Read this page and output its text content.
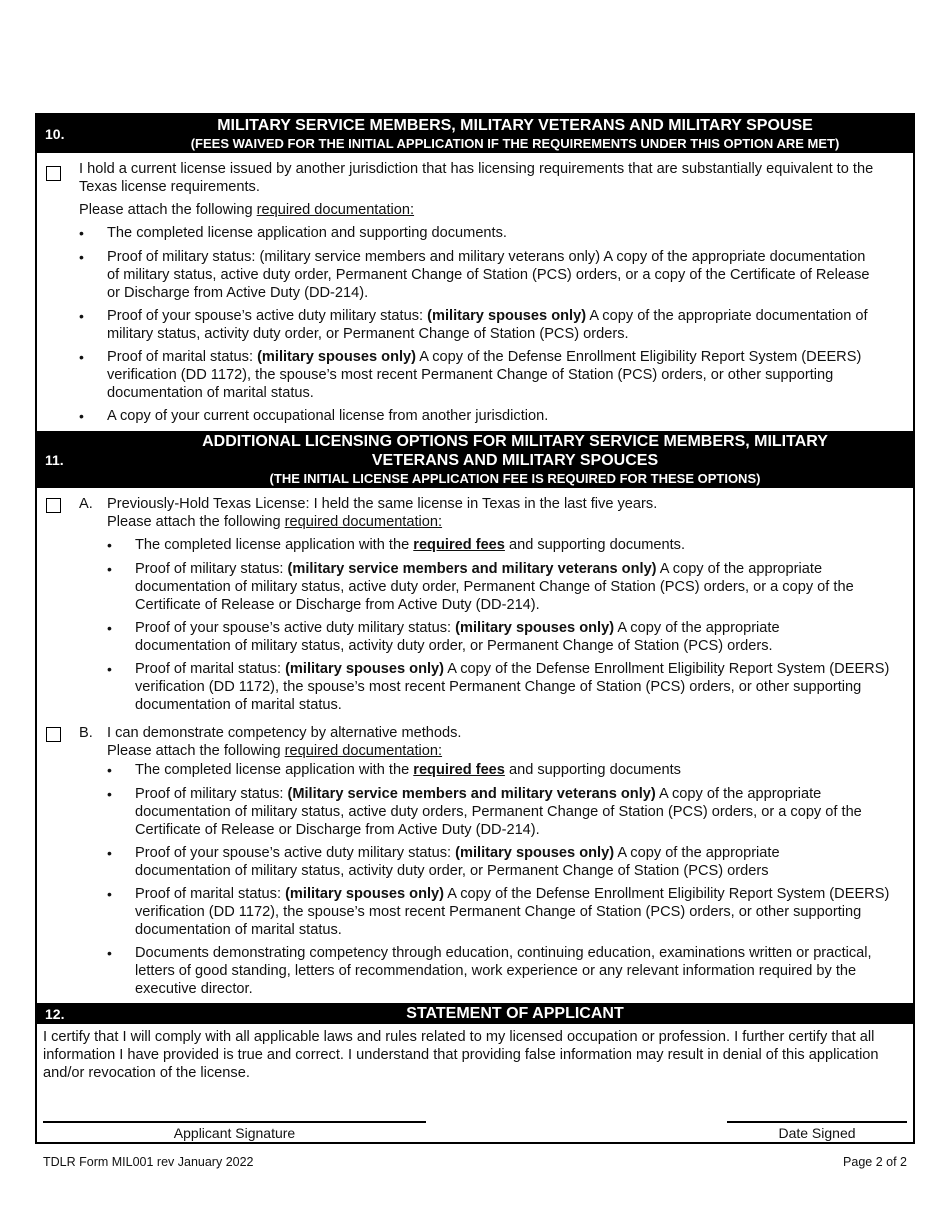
10.	MILITARY SERVICE MEMBERS, MILITARY VETERANS AND MILITARY SPOUSE
(FEES WAIVED FOR THE INITIAL APPLICATION IF THE REQUIREMENTS UNDER THIS OPTION ARE MET)
I hold a current license issued by another jurisdiction that has licensing requirements that are substantially equivalent to the Texas license requirements.
Please attach the following required documentation:
• The completed license application and supporting documents.
• Proof of military status: (military service members and military veterans only) A copy of the appropriate documentation of military status, active duty order, Permanent Change of Station (PCS) orders, or a copy of the Certificate of Release or Discharge from Active Duty (DD-214).
• Proof of your spouse’s active duty military status: (military spouses only) A copy of the appropriate documentation of military status, activity duty order, or Permanent Change of Station (PCS) orders.
• Proof of marital status: (military spouses only) A copy of the Defense Enrollment Eligibility Report System (DEERS) verification (DD 1172), the spouse’s most recent Permanent Change of Station (PCS) orders, or other supporting documentation of marital status.
• A copy of your current occupational license from another jurisdiction.
11.
ADDITIONAL LICENSING OPTIONS FOR MILITARY SERVICE MEMBERS, MILITARY
VETERANS AND MILITARY SPOUCES
(THE INITIAL LICENSE APPLICATION FEE IS REQUIRED FOR THESE OPTIONS)
A. Previously-Hold Texas License: I held the same license in Texas in the last five years.
Please attach the following required documentation:
• The completed license application with the required fees and supporting documents.
• Proof of military status: (military service members and military veterans only) A copy of the appropriate documentation of military status, active duty order, Permanent Change of Station (PCS) orders, or a copy of the Certificate of Release or Discharge from Active Duty (DD-214).
• Proof of your spouse’s active duty military status: (military spouses only) A copy of the appropriate documentation of military status, activity duty order, or Permanent Change of Station (PCS) orders.
• Proof of marital status: (military spouses only) A copy of the Defense Enrollment Eligibility Report System (DEERS) verification (DD 1172), the spouse’s most recent Permanent Change of Station (PCS) orders, or other supporting documentation of marital status.
B. I can demonstrate competency by alternative methods.
Please attach the following required documentation:
• The completed license application with the required fees and supporting documents
• Proof of military status: (Military service members and military veterans only) A copy of the appropriate documentation of military status, active duty orders, Permanent Change of Station (PCS) orders, or a copy of the Certificate of Release or Discharge from Active Duty (DD-214).
• Proof of your spouse’s active duty military status: (military spouses only) A copy of the appropriate documentation of military status, activity duty order, or Permanent Change of Station (PCS) orders
• Proof of marital status: (military spouses only) A copy of the Defense Enrollment Eligibility Report System (DEERS) verification (DD 1172), the spouse’s most recent Permanent Change of Station (PCS) orders, or other supporting documentation of marital status.
• Documents demonstrating competency through education, continuing education, examinations written or practical, letters of good standing, letters of recommendation, work experience or any relevant information required by the executive director.
12.	STATEMENT OF APPLICANT
I certify that I will comply with all applicable laws and rules related to my licensed occupation or profession. I further certify that all information I have provided is true and correct. I understand that providing false information may result in denial of this application and/or revocation of the license.
Applicant Signature	Date Signed
TDLR Form MIL001 rev January 2022	Page 2 of 2
